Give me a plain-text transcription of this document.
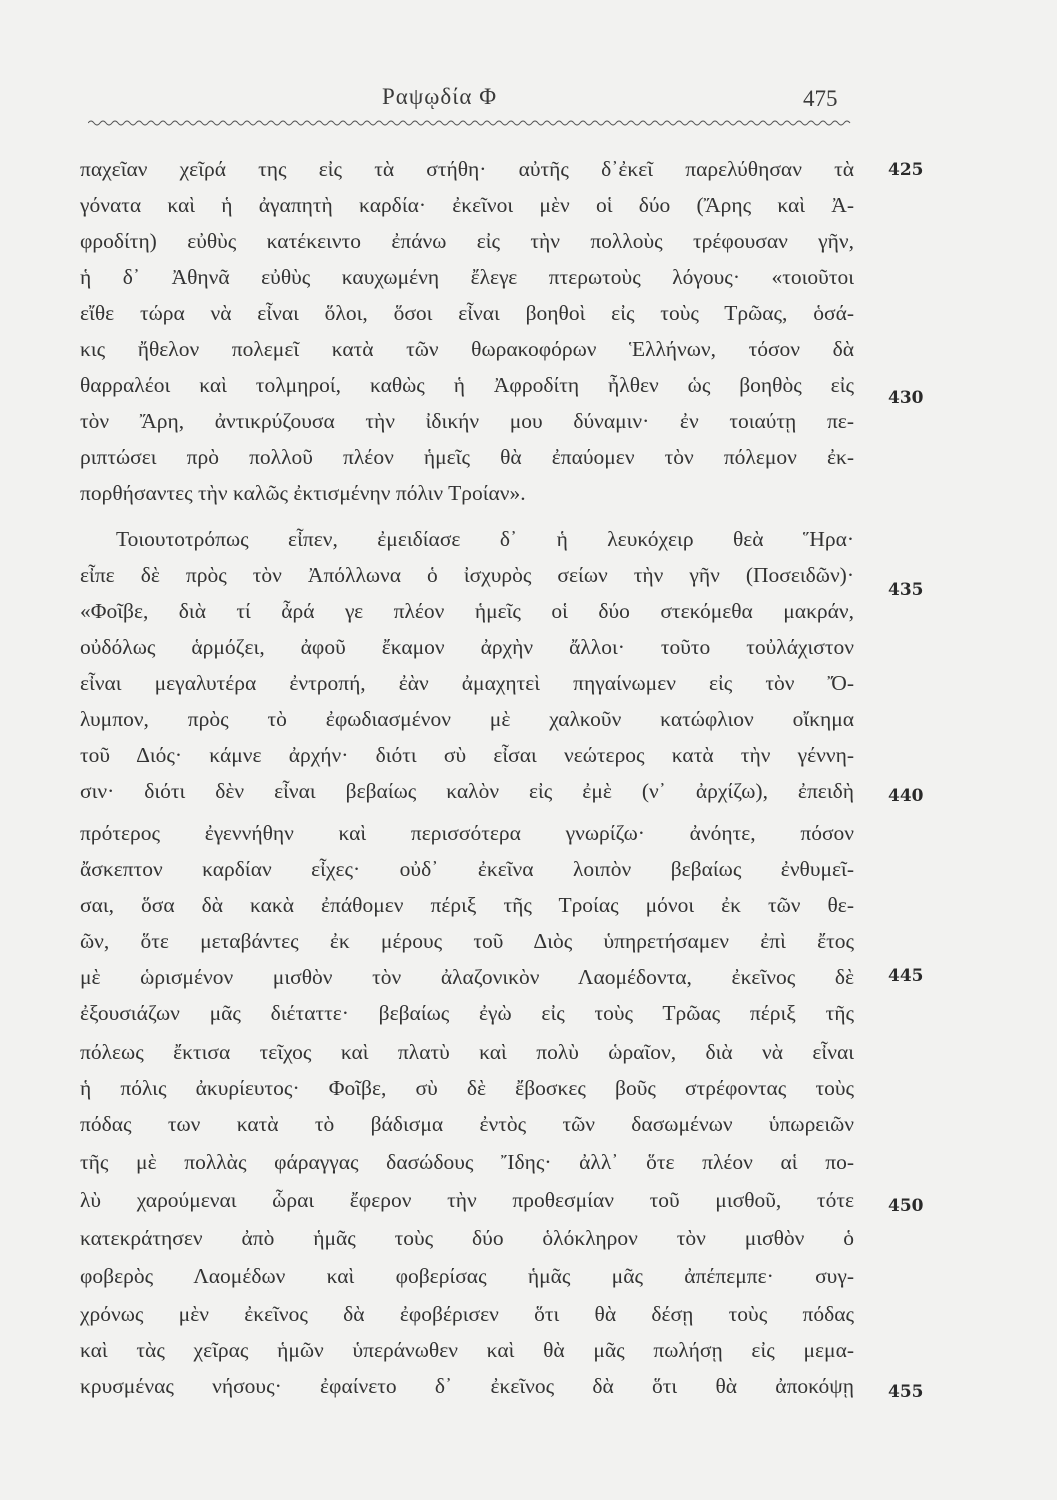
Ραψῳδία Φ	475
παχεῖαν χεῖρά της εἰς τὰ στήθη· αὐτῆς δ᾽ἐκεῖ παρελύθησαν τὰ
γόνατα καὶ ἡ ἀγαπητὴ καρδία· ἐκεῖνοι μὲν οἱ δύο (Ἄρης καὶ Ἀ-
φροδίτη) εὐθὺς κατέκειντο ἐπάνω εἰς τὴν πολλοὺς τρέφουσαν γῆν,
ἡ δ᾽ Ἀθηνᾶ εὐθὺς καυχωμένη ἔλεγε πτερωτοὺς λόγους· «τοιοῦτοι
εἴθε τώρα νὰ εἶναι ὅλοι, ὅσοι εἶναι βοηθοὶ εἰς τοὺς Τρῶας, ὁσά-
κις ἤθελον πολεμεῖ κατὰ τῶν θωρακοφόρων Ἑλλήνων, τόσον δὰ
θαρραλέοι καὶ τολμηροί, καθὼς ἡ Ἀφροδίτη ἦλθεν ὡς βοηθὸς εἰς
τὸν Ἄρη, ἀντικρύζουσα τὴν ἰδικήν μου δύναμιν· ἐν τοιαύτῃ πε-
ριπτώσει πρὸ πολλοῦ πλέον ἡμεῖς θὰ ἐπαύομεν τὸν πόλεμον ἐκ-
πορθήσαντες τὴν καλῶς ἐκτισμένην πόλιν Τροίαν».
Τοιουτοτρόπως εἶπεν, ἐμειδίασε δ᾽ ἡ λευκόχειρ θεὰ Ἥρα·
εἶπε δὲ πρὸς τὸν Ἀπόλλωνα ὁ ἰσχυρὸς σείων τὴν γῆν (Ποσειδῶν)·
«Φοῖβε, διὰ τί ἆρά γε πλέον ἡμεῖς οἱ δύο στεκόμεθα μακράν,
οὐδόλως ἁρμόζει, ἀφοῦ ἔκαμον ἀρχὴν ἄλλοι· τοῦτο τοὐλάχιστον
εἶναι μεγαλυτέρα ἐντροπή, ἐὰν ἀμαχητεὶ πηγαίνωμεν εἰς τὸν Ὄ-
λυμπον, πρὸς τὸ ἐφωδιασμένον μὲ χαλκοῦν κατώφλιον οἴκημα
τοῦ Διός· κάμνε ἀρχήν· διότι σὺ εἶσαι νεώτερος κατὰ τὴν γέννη-
σιν· διότι δὲν εἶναι βεβαίως καλὸν εἰς ἐμὲ (ν᾽ ἀρχίζω), ἐπειδὴ
πρότερος ἐγεννήθην καὶ περισσότερα γνωρίζω· ἀνόητε, πόσον
ἄσκεπτον καρδίαν εἶχες· οὐδ᾽ ἐκεῖνα λοιπὸν βεβαίως ἐνθυμεῖ-
σαι, ὅσα δὰ κακὰ ἐπάθομεν πέριξ τῆς Τροίας μόνοι ἐκ τῶν θε-
ῶν, ὅτε μεταβάντες ἐκ μέρους τοῦ Διὸς ὑπηρετήσαμεν ἐπὶ ἔτος
μὲ ὡρισμένον μισθὸν τὸν ἀλαζονικὸν Λαομέδοντα, ἐκεῖνος δὲ
ἐξουσιάζων μᾶς διέταττε· βεβαίως ἐγὼ εἰς τοὺς Τρῶας πέριξ τῆς
πόλεως ἔκτισα τεῖχος καὶ πλατὺ καὶ πολὺ ὡραῖον, διὰ νὰ εἶναι
ἡ πόλις ἀκυρίευτος· Φοῖβε, σὺ δὲ ἔβοσκες βοῦς στρέφοντας τοὺς
πόδας των κατὰ τὸ βάδισμα ἐντὸς τῶν δασωμένων ὑπωρειῶν
τῆς μὲ πολλὰς φάραγγας δασώδους Ἴδης· ἀλλ᾽ ὅτε πλέον αἱ πο-
λὺ χαρούμεναι ὧραι ἔφερον τὴν προθεσμίαν τοῦ μισθοῦ, τότε
κατεκράτησεν ἀπὸ ἡμᾶς τοὺς δύο ὁλόκληρον τὸν μισθὸν ὁ
φοβερὸς Λαομέδων καὶ φοβερίσας ἡμᾶς μᾶς ἀπέπεμπε· συγ-
χρόνως μὲν ἐκεῖνος δὰ ἐφοβέρισεν ὅτι θὰ δέσῃ τοὺς πόδας
καὶ τὰς χεῖρας ἡμῶν ὑπεράνωθεν καὶ θὰ μᾶς πωλήσῃ εἰς μεμα-
κρυσμένας νήσους· ἐφαίνετο δ᾽ ἐκεῖνος δὰ ὅτι θὰ ἀποκόψῃ
425
430
435
440
445
450
455
